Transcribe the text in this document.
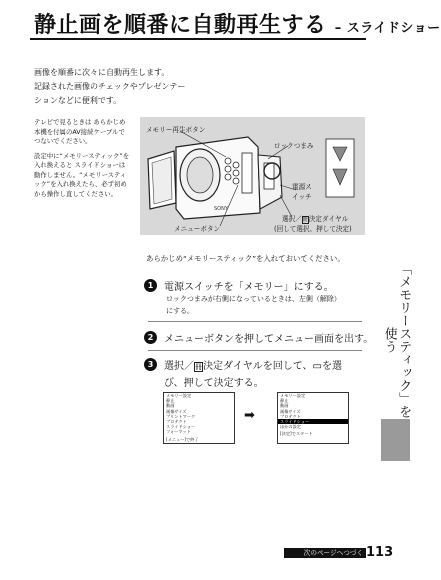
静止画を順番に自動再生する – スライドショー
画像を順番に次々に自動再生します。
記録された画像のチェックやプレゼンテー
ションなどに便利です。

テレビで見るときは あらかじめ本機を付属のAV接続ケーブルでつないでください。

設定中に“メモリースティック”を入れ換えると スライドショーは動作しません。“メモリースティック”を入れ換えたら、必ず初めから操作し直してください。

SONY
メモリー再生ボタン
ロックつまみ
電源ス
イッチ
メニューボタン
選択／冊決定ダイヤル
(回して選択、押して決定)
あらかじめ“メモリースティック”を入れておいてください。
1	電源スイッチを「メモリー」にする。
ロックつまみが右側になっているときは、左側（解除）
にする。
2	メニューボタンを押してメニュー画面を出す。
3	選択／冊決定ダイヤルを回して、▭を選
び、押して決定する。
メモリー設定
静止
動画
画像サイズ
プリントマーク
プロテクト
スライドショー
フォーマット
[メニュー]で終了
➡
メモリー設定
静止
動画
画像サイズ
プロテクト
スライドショー
ほかの設定
[決定]でスタート
「メモリースティック」を使う
次のページへつづく 113
